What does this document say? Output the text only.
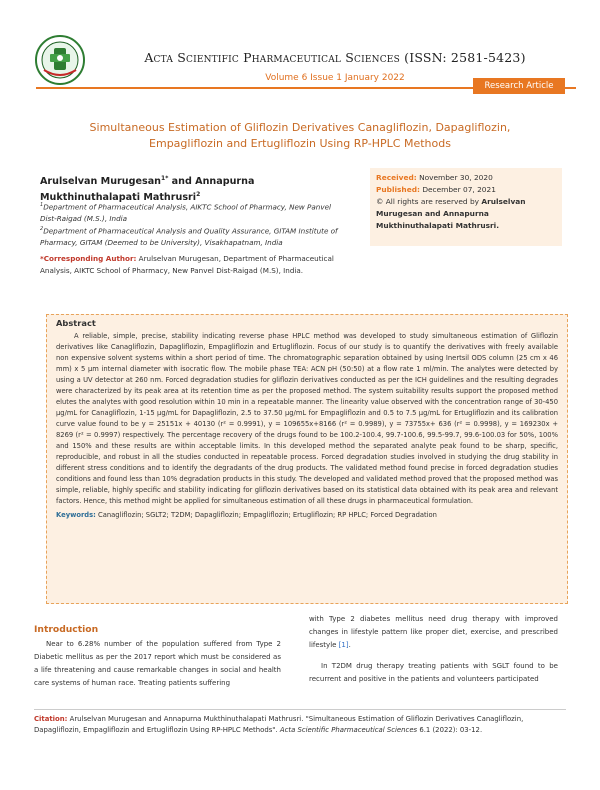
Acta Scientific Pharmaceutical Sciences (ISSN: 2581-5423)
Volume 6 Issue 1 January 2022
Research Article
Simultaneous Estimation of Gliflozin Derivatives Canagliflozin, Dapagliflozin, Empagliflozin and Ertugliflozin Using RP-HPLC Methods
Arulselvan Murugesan$^{1*}$ and Annapurna Mukthinuthalapati Mathrusri$^2$
$^1$Department of Pharmaceutical Analysis, AIKTC School of Pharmacy, New Panvel Dist-Raigad (M.S.), India
$^2$Department of Pharmaceutical Analysis and Quality Assurance, GITAM Institute of Pharmacy, GITAM (Deemed to be University), Visakhapatnam, India
*Corresponding Author: Arulselvan Murugesan, Department of Pharmaceutical Analysis, AIKTC School of Pharmacy, New Panvel Dist-Raigad (M.S), India.
Received: November 30, 2020
Published: December 07, 2021
© All rights are reserved by Arulselvan Murugesan and Annapurna Mukthinuthalapati Mathrusri.
Abstract

A reliable, simple, precise, stability indicating reverse phase HPLC method was developed to study simultaneous estimation of Gliflozin derivatives like Canagliflozin, Dapagliflozin, Empagliflozin and Ertugliflozin. Focus of our study is to quantify the derivatives with freely available non expensive solvent systems within a short period of time. The chromatographic separation obtained by using Inertsil ODS column (25 cm x 46 mm) x 5 µm internal diameter with isocratic flow. The mobile phase TEA: ACN pH (50:50) at a flow rate 1 ml/min. The analytes were detected by using a UV detector at 260 nm. Forced degradation studies for gliflozin derivatives conducted as per the ICH guidelines and the resulting degrades were characterized by its peak area at its retention time as per the proposed method. The system suitability results support the proposed method elutes the analytes with good resolution within 10 min in a repeatable manner. The linearity value observed with the concentration range of 30-450 µg/mL for Canagliflozin, 1-15 µg/mL for Dapagliflozin, 2.5 to 37.50 µg/mL for Empagliflozin and 0.5 to 7.5 µg/mL for Ertugliflozin and its calibration curve value found to be y = 25151x + 40130 (r² = 0.9991), y = 109655x+8166 (r² = 0.9989), y = 73755x+ 636 (r² = 0.9998), y = 169230x + 8269 (r² = 0.9997) respectively. The percentage recovery of the drugs found to be 100.2-100.4, 99.7-100.6, 99.5-99.7, 99.6-100.03 for 50%, 100% and 150% and these results are within acceptable limits. In this developed method the separated analyte peak found to be sharp, specific, reproducible, and robust in all the studies conducted in repeatable process. Forced degradation studies involved in studying the drug stability in different stress conditions and to identify the degradants of the drug products. The validated method found precise in forced degradation studies conditions and found less than 10% degradation products in this study. The developed and validated method proved that the proposed method was simple, reliable, highly specific and stability indicating for gliflozin derivatives based on its statistical data obtained with its peak area and relevant factors. Hence, this method might be applied for simultaneous estimation of all these drugs in pharmaceutical formulation.

Keywords: Canagliflozin; SGLT2; T2DM; Dapagliflozin; Empagliflozin; Ertugliflozin; RP HPLC; Forced Degradation
Introduction

Near to 6.28% number of the population suffered from Type 2 Diabetic mellitus as per the 2017 report which must be considered as a life threatening and cause remarkable changes in social and health care systems of human race. Treating patients suffering

with Type 2 diabetes mellitus need drug therapy with improved changes in lifestyle pattern like proper diet, exercise, and prescribed lifestyle [1].

In T2DM drug therapy treating patients with SGLT found to be recurrent and positive in the patients and volunteers participated

Citation: Arulselvan Murugesan and Annapurna Mukthinuthalapati Mathrusri. "Simultaneous Estimation of Gliflozin Derivatives Canagliflozin, Dapagliflozin, Empagliflozin and Ertugliflozin Using RP-HPLC Methods". Acta Scientific Pharmaceutical Sciences 6.1 (2022): 03-12.
